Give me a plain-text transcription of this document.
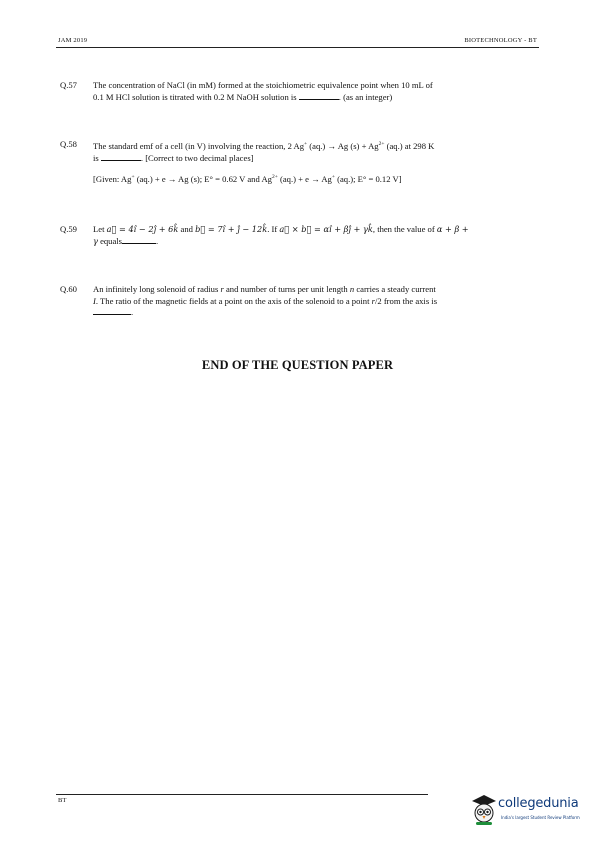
JAM 2019	BIOTECHNOLOGY - BT
Q.57	The concentration of NaCl (in mM) formed at the stoichiometric equivalence point when 10 mL of
0.1 M HCl solution is titrated with 0.2 M NaOH solution is	. (as an integer)
Q.58	The standard emf of a cell (in V) involving the reaction, 2 Ag+ (aq.) → Ag $(s) + Ag^{2+}$ (aq.) at 298 K
is	. [Correct to two decimal places]
[Given: Ag+ (aq.) + e → Ag (s); E° = 0.62 V and $Ag^{2+}$ (aq.) + e → Ag+ (aq.); E° = 0.12 V]
Q.59	Let a⃗ = 4î − 2ĵ + 6k̂ and b⃗ = 7î + ĵ − 12k̂. If a⃗ × b⃗ = αî + βĵ + γk̂, then the value of α + β +
γ equals	.
Q.60	An infinitely long solenoid of radius r and number of turns per unit length n carries a steady current
I. The ratio of the magnetic fields at a point on the axis of the solenoid to a point r/2 from the axis is
.
END OF THE QUESTION PAPER
BT	collegedunia
India's largest Student Review Platform
